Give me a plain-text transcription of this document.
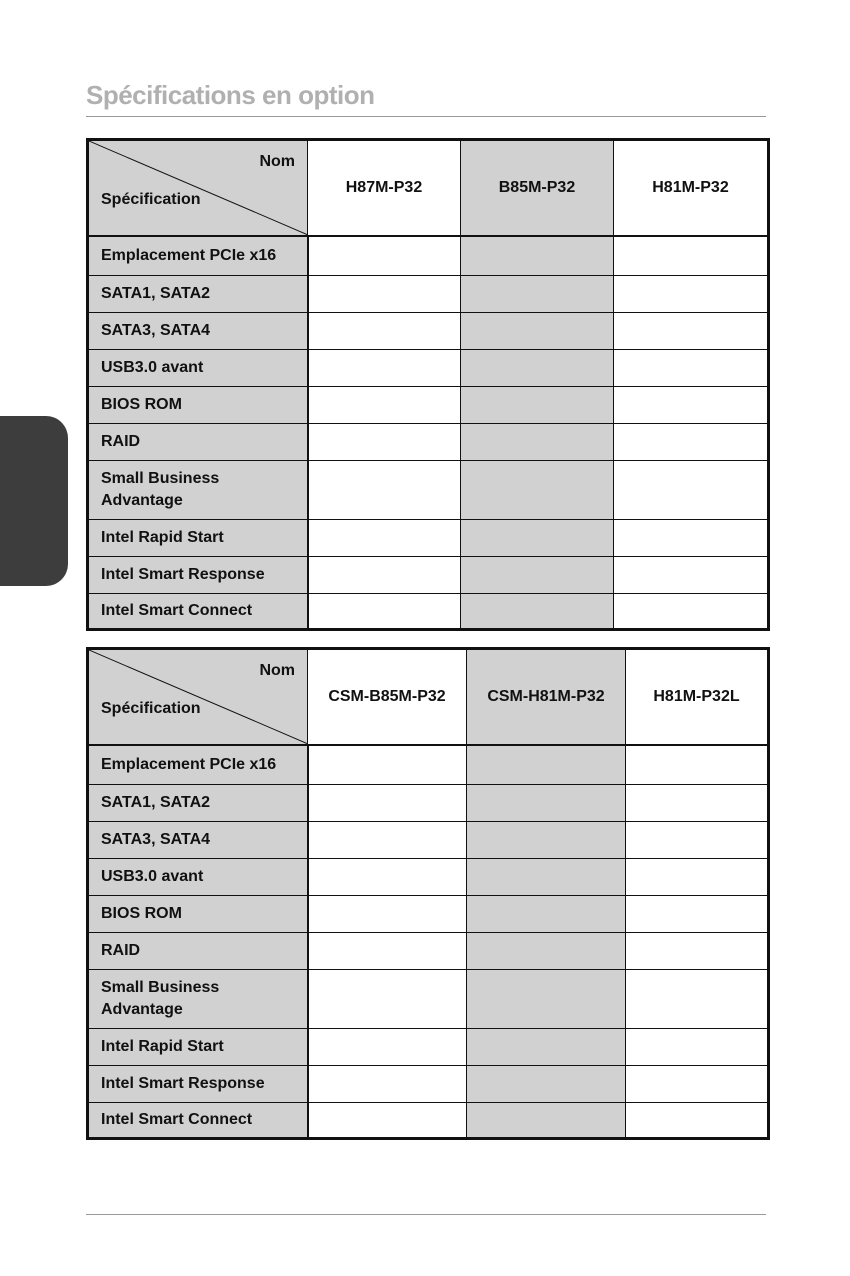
Spécifications en option
Nom
Spécification	H87M-P32	B85M-P32	H81M-P32
Emplacement PCIe x16			
SATA1, SATA2			
SATA3, SATA4			
USB3.0 avant			
BIOS ROM			
RAID			
Small Business Advantage			
Intel Rapid Start			
Intel Smart Response			
Intel Smart Connect			
Nom
Spécification	CSM-B85M-P32	CSM-H81M-P32	H81M-P32L
Emplacement PCIe x16			
SATA1, SATA2			
SATA3, SATA4			
USB3.0 avant			
BIOS ROM			
RAID			
Small Business Advantage			
Intel Rapid Start			
Intel Smart Response			
Intel Smart Connect			
